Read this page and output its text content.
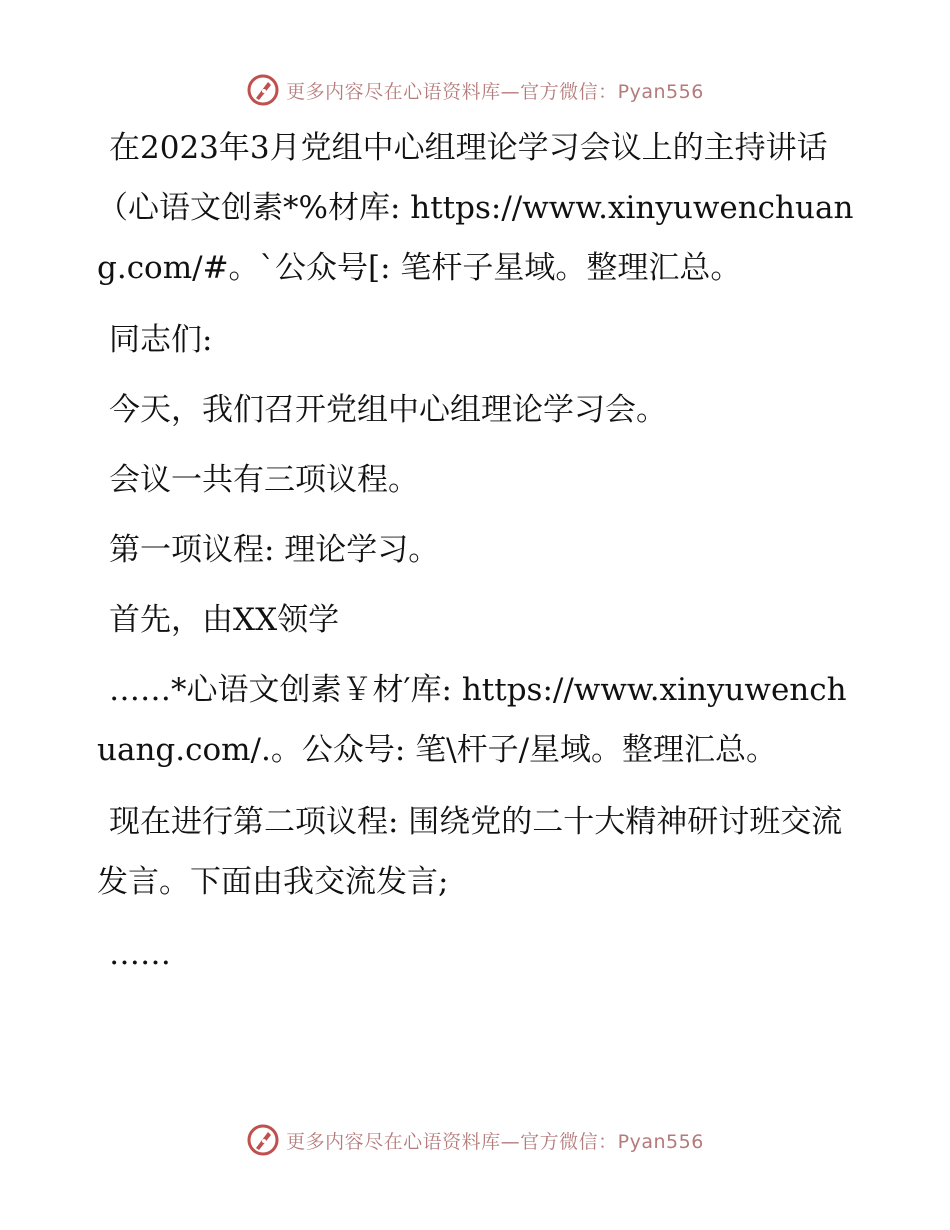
更多内容尽在心语资料库—官方微信：Pyan556

在2023年3月党组中心组理论学习会议上的主持讲话（心语文创素*%材库: https://www.xinyuwenchuang.com/#。`公众号[: 笔杆子星域。整理汇总。

同志们:

今天，我们召开党组中心组理论学习会。

会议一共有三项议程。

第一项议程: 理论学习。

首先，由XX领学

……*心语文创素￥材′库: https://www.xinyuwenchuang.com/.。公众号: 笔\杆子/星域。整理汇总。

现在进行第二项议程: 围绕党的二十大精神研讨班交流发言。下面由我交流发言;

……

更多内容尽在心语资料库—官方微信：Pyan556
